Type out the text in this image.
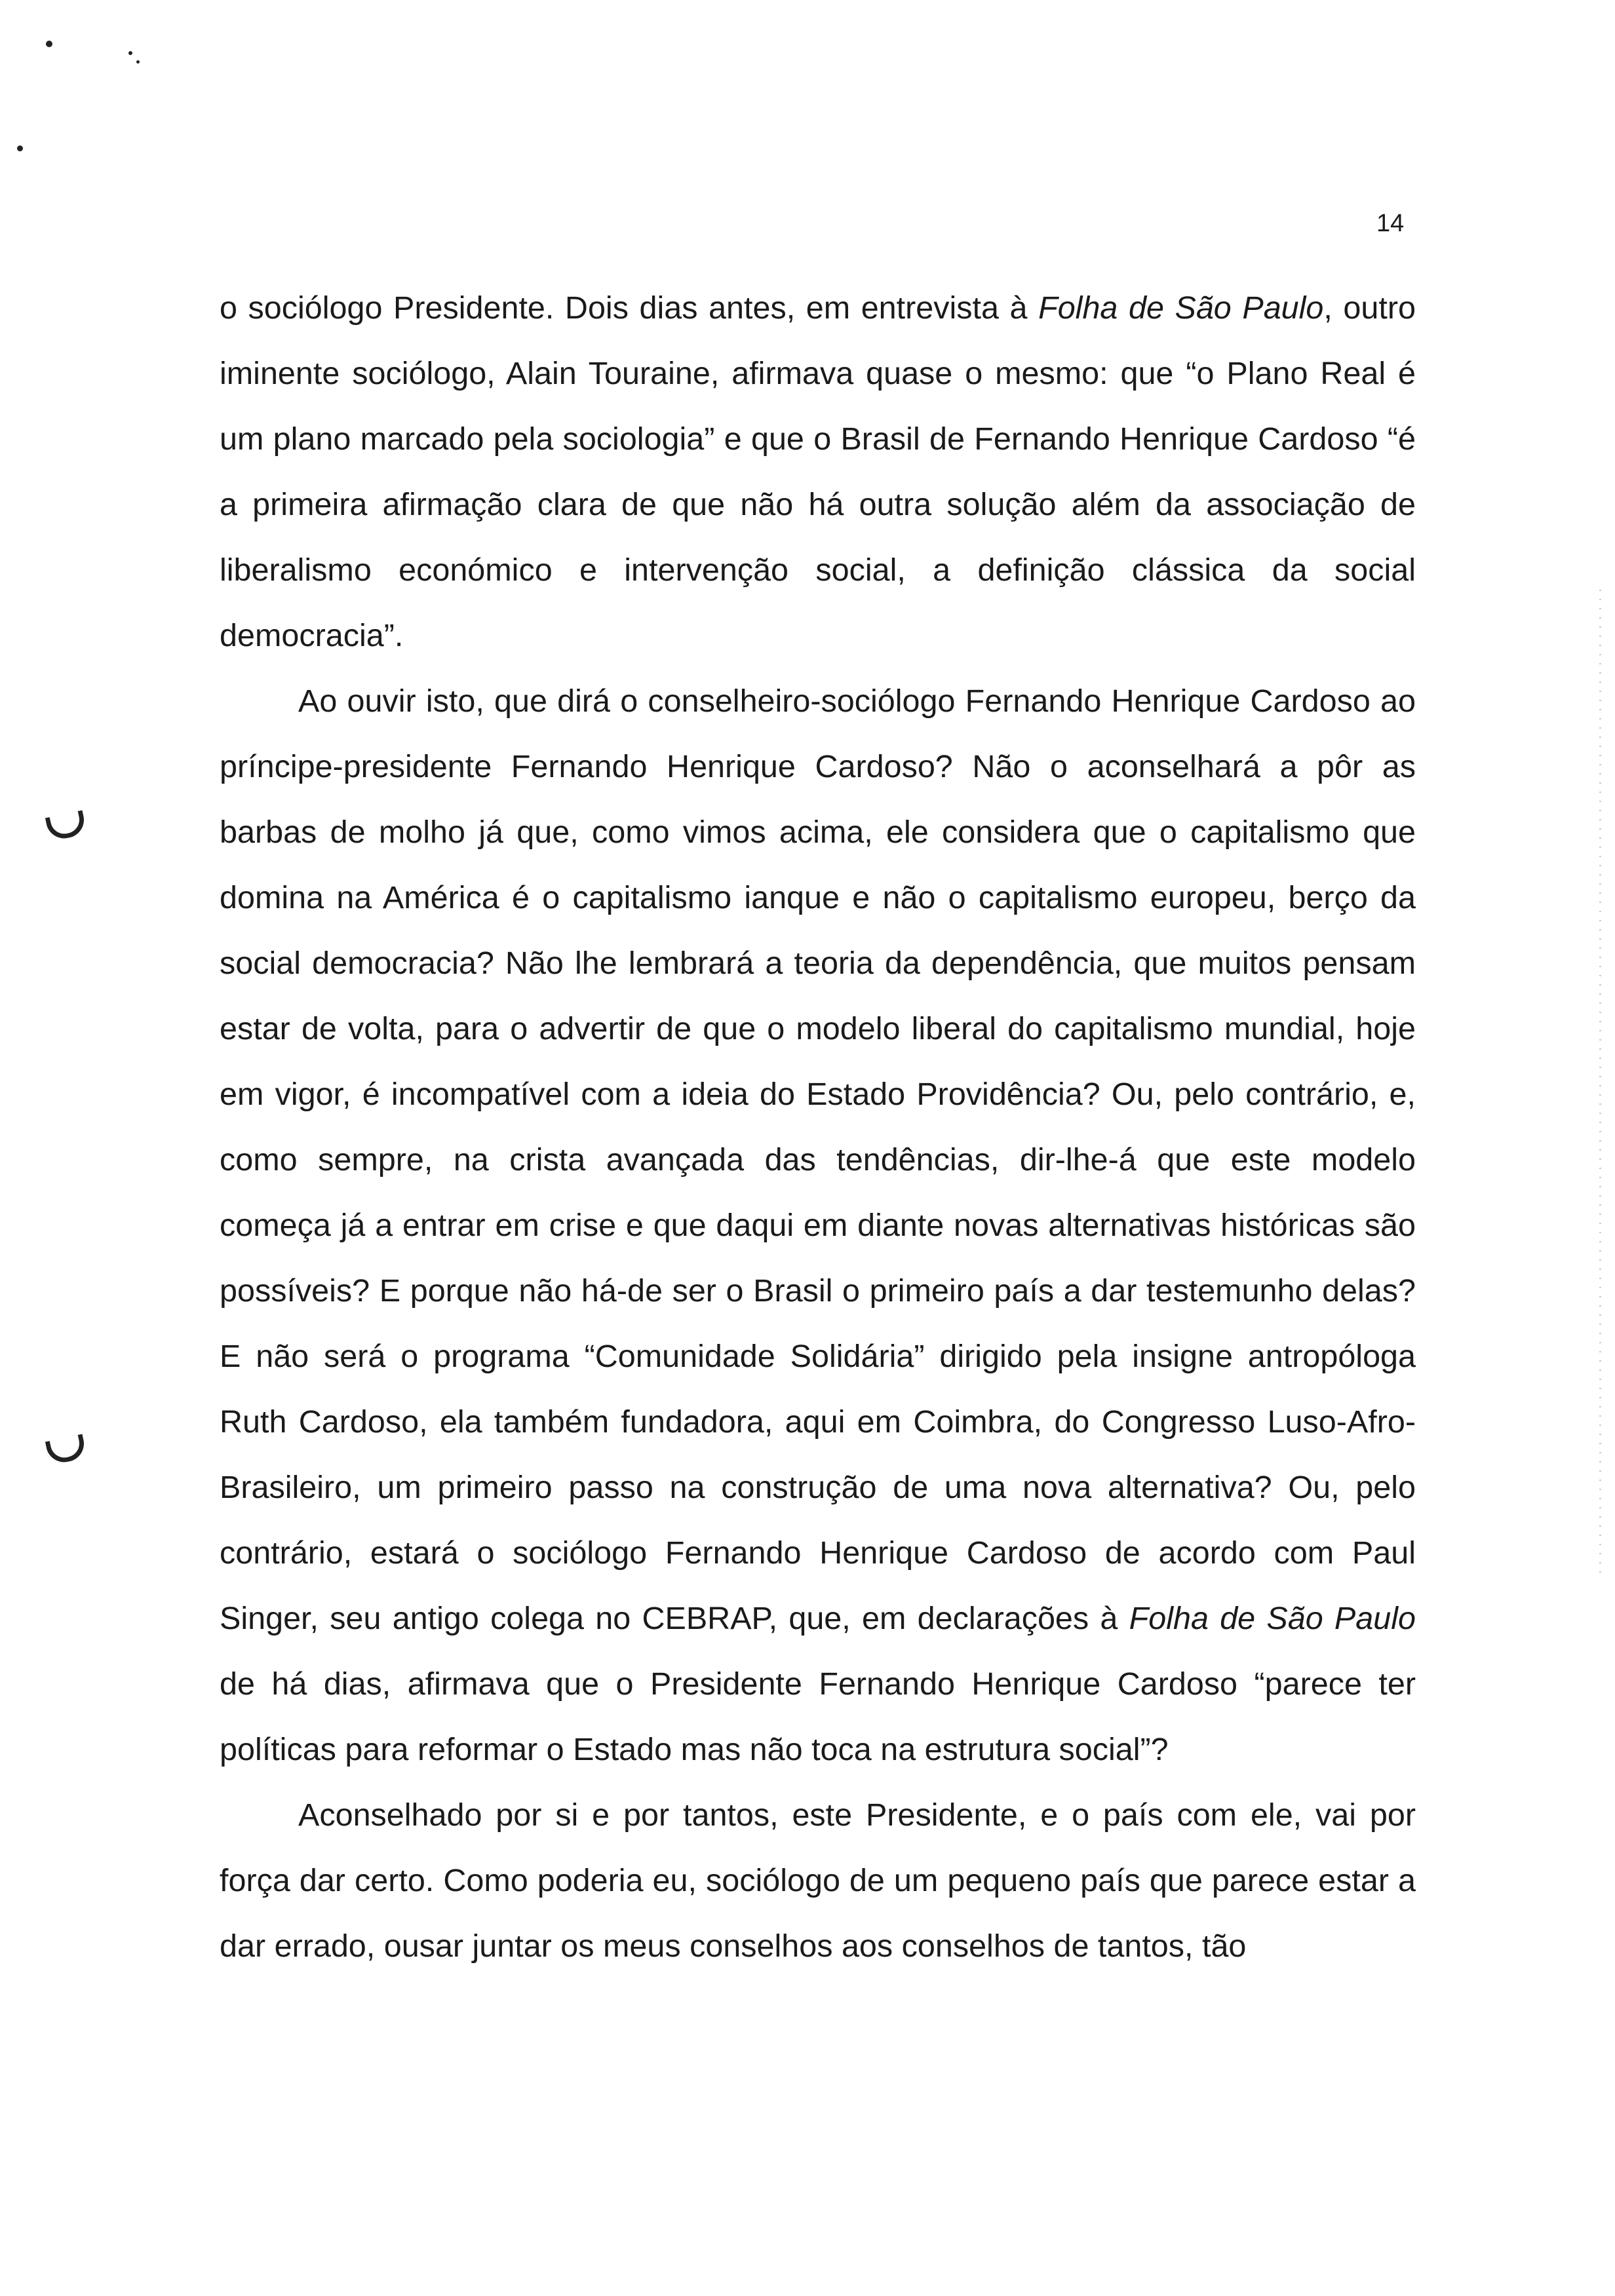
14

o sociólogo Presidente. Dois dias antes, em entrevista à Folha de São Paulo, outro iminente sociólogo, Alain Touraine, afirmava quase o mesmo: que “o Plano Real é um plano marcado pela sociologia” e que o Brasil de Fernando Henrique Cardoso “é a primeira afirmação clara de que não há outra solução além da associação de liberalismo económico e intervenção social, a definição clássica da social democracia”.

Ao ouvir isto, que dirá o conselheiro-sociólogo Fernando Henrique Cardoso ao príncipe-presidente Fernando Henrique Cardoso? Não o aconselhará a pôr as barbas de molho já que, como vimos acima, ele considera que o capitalismo que domina na América é o capitalismo ianque e não o capitalismo europeu, berço da social democracia? Não lhe lembrará a teoria da dependência, que muitos pensam estar de volta, para o advertir de que o modelo liberal do capitalismo mundial, hoje em vigor, é incompatível com a ideia do Estado Providência? Ou, pelo contrário, e, como sempre, na crista avançada das tendências, dir-lhe-á que este modelo começa já a entrar em crise e que daqui em diante novas alternativas históricas são possíveis? E porque não há-de ser o Brasil o primeiro país a dar testemunho delas? E não será o programa “Comunidade Solidária” dirigido pela insigne antropóloga Ruth Cardoso, ela também fundadora, aqui em Coimbra, do Congresso Luso-Afro-Brasileiro, um primeiro passo na construção de uma nova alternativa? Ou, pelo contrário, estará o sociólogo Fernando Henrique Cardoso de acordo com Paul Singer, seu antigo colega no CEBRAP, que, em declarações à Folha de São Paulo de há dias, afirmava que o Presidente Fernando Henrique Cardoso “parece ter políticas para reformar o Estado mas não toca na estrutura social”?

Aconselhado por si e por tantos, este Presidente, e o país com ele, vai por força dar certo. Como poderia eu, sociólogo de um pequeno país que parece estar a dar errado, ousar juntar os meus conselhos aos conselhos de tantos, tão
